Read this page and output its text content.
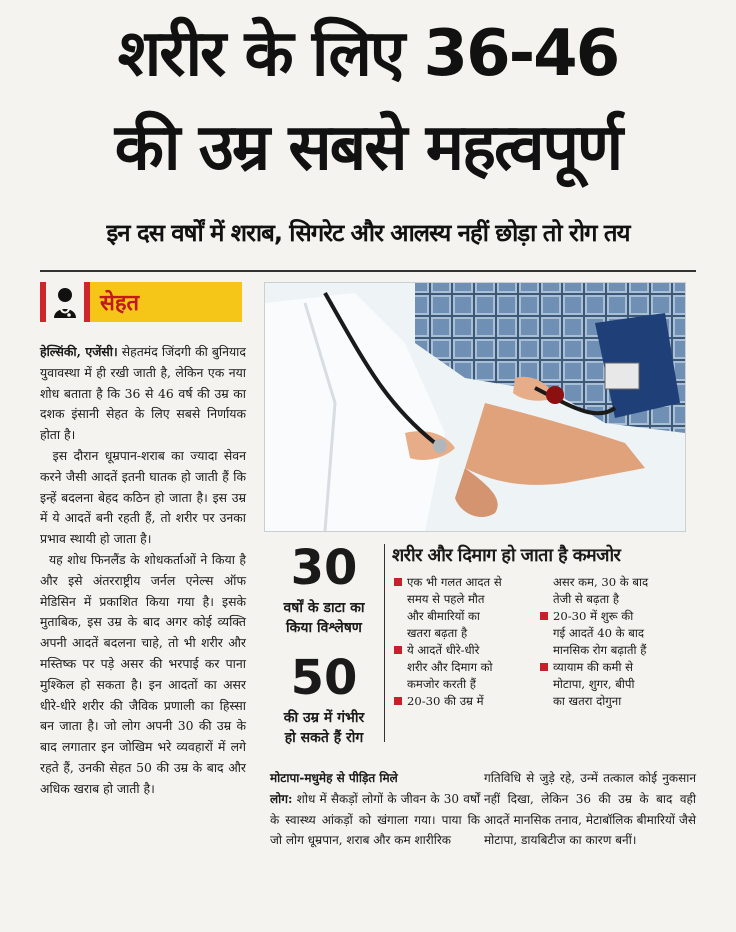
शरीर के लिए 36-46
की उम्र सबसे महत्वपूर्ण
इन दस वर्षों में शराब, सिगरेट और आलस्य नहीं छोड़ा तो रोग तय
सेहत
हेल्सिंकी, एजेंसी। सेहतमंद जिंदगी की बुनियाद युवावस्था में ही रखी जाती है, लेकिन एक नया शोध बताता है कि 36 से 46 वर्ष की उम्र का दशक इंसानी सेहत के लिए सबसे निर्णायक होता है।
इस दौरान धूम्रपान-शराब का ज्यादा सेवन करने जैसी आदतें इतनी घातक हो जाती हैं कि इन्हें बदलना बेहद कठिन हो जाता है। इस उम्र में ये आदतें बनी रहती हैं, तो शरीर पर उनका प्रभाव स्थायी हो जाता है।
यह शोध फिनलैंड के शोधकर्ताओं ने किया है और इसे अंतरराष्ट्रीय जर्नल एनेल्स ऑफ मेडिसिन में प्रकाशित किया गया है। इसके मुताबिक, इस उम्र के बाद अगर कोई व्यक्ति अपनी आदतें बदलना चाहे, तो भी शरीर और मस्तिष्क पर पड़े असर की भरपाई कर पाना मुश्किल हो सकता है। इन आदतों का असर धीरे-धीरे शरीर की जैविक प्रणाली का हिस्सा बन जाता है। जो लोग अपनी 30 की उम्र के बाद लगातार इन जोखिम भरे व्यवहारों में लगे रहते हैं, उनकी सेहत 50 की उम्र के बाद और अधिक खराब हो जाती है।

30

वर्षों के डाटा का
किया विश्लेषण

50

की उम्र में गंभीर
हो सकते हैं रोग

शरीर और दिमाग हो जाता है कमजोर

एक भी गलत आदत से

समय से पहले मौत

और बीमारियों का

खतरा बढ़ता है

ये आदतें धीरे-धीरे

शरीर और दिमाग को

कमजोर करती हैं

20-30 की उम्र में

असर कम, 30 के बाद

तेजी से बढ़ता है

20-30 में शुरू की

गई आदतें 40 के बाद

मानसिक रोग बढ़ाती हैं

व्यायाम की कमी से

मोटापा, शुगर, बीपी

का खतरा दोगुना

मोटापा-मधुमेह से पीड़ित मिले
लोग: शोध में सैकड़ों लोगों के जीवन के 30 वर्षों के स्वास्थ्य आंकड़ों को खंगाला गया। पाया कि जो लोग धूम्रपान, शराब और कम शारीरिक
गतिविधि से जुड़े रहे, उन्में तत्काल कोई नुकसान नहीं दिखा, लेकिन 36 की उम्र के बाद वही आदतें मानसिक तनाव, मेटाबॉलिक बीमारियों जैसे मोटापा, डायबिटीज का कारण बनीं।
